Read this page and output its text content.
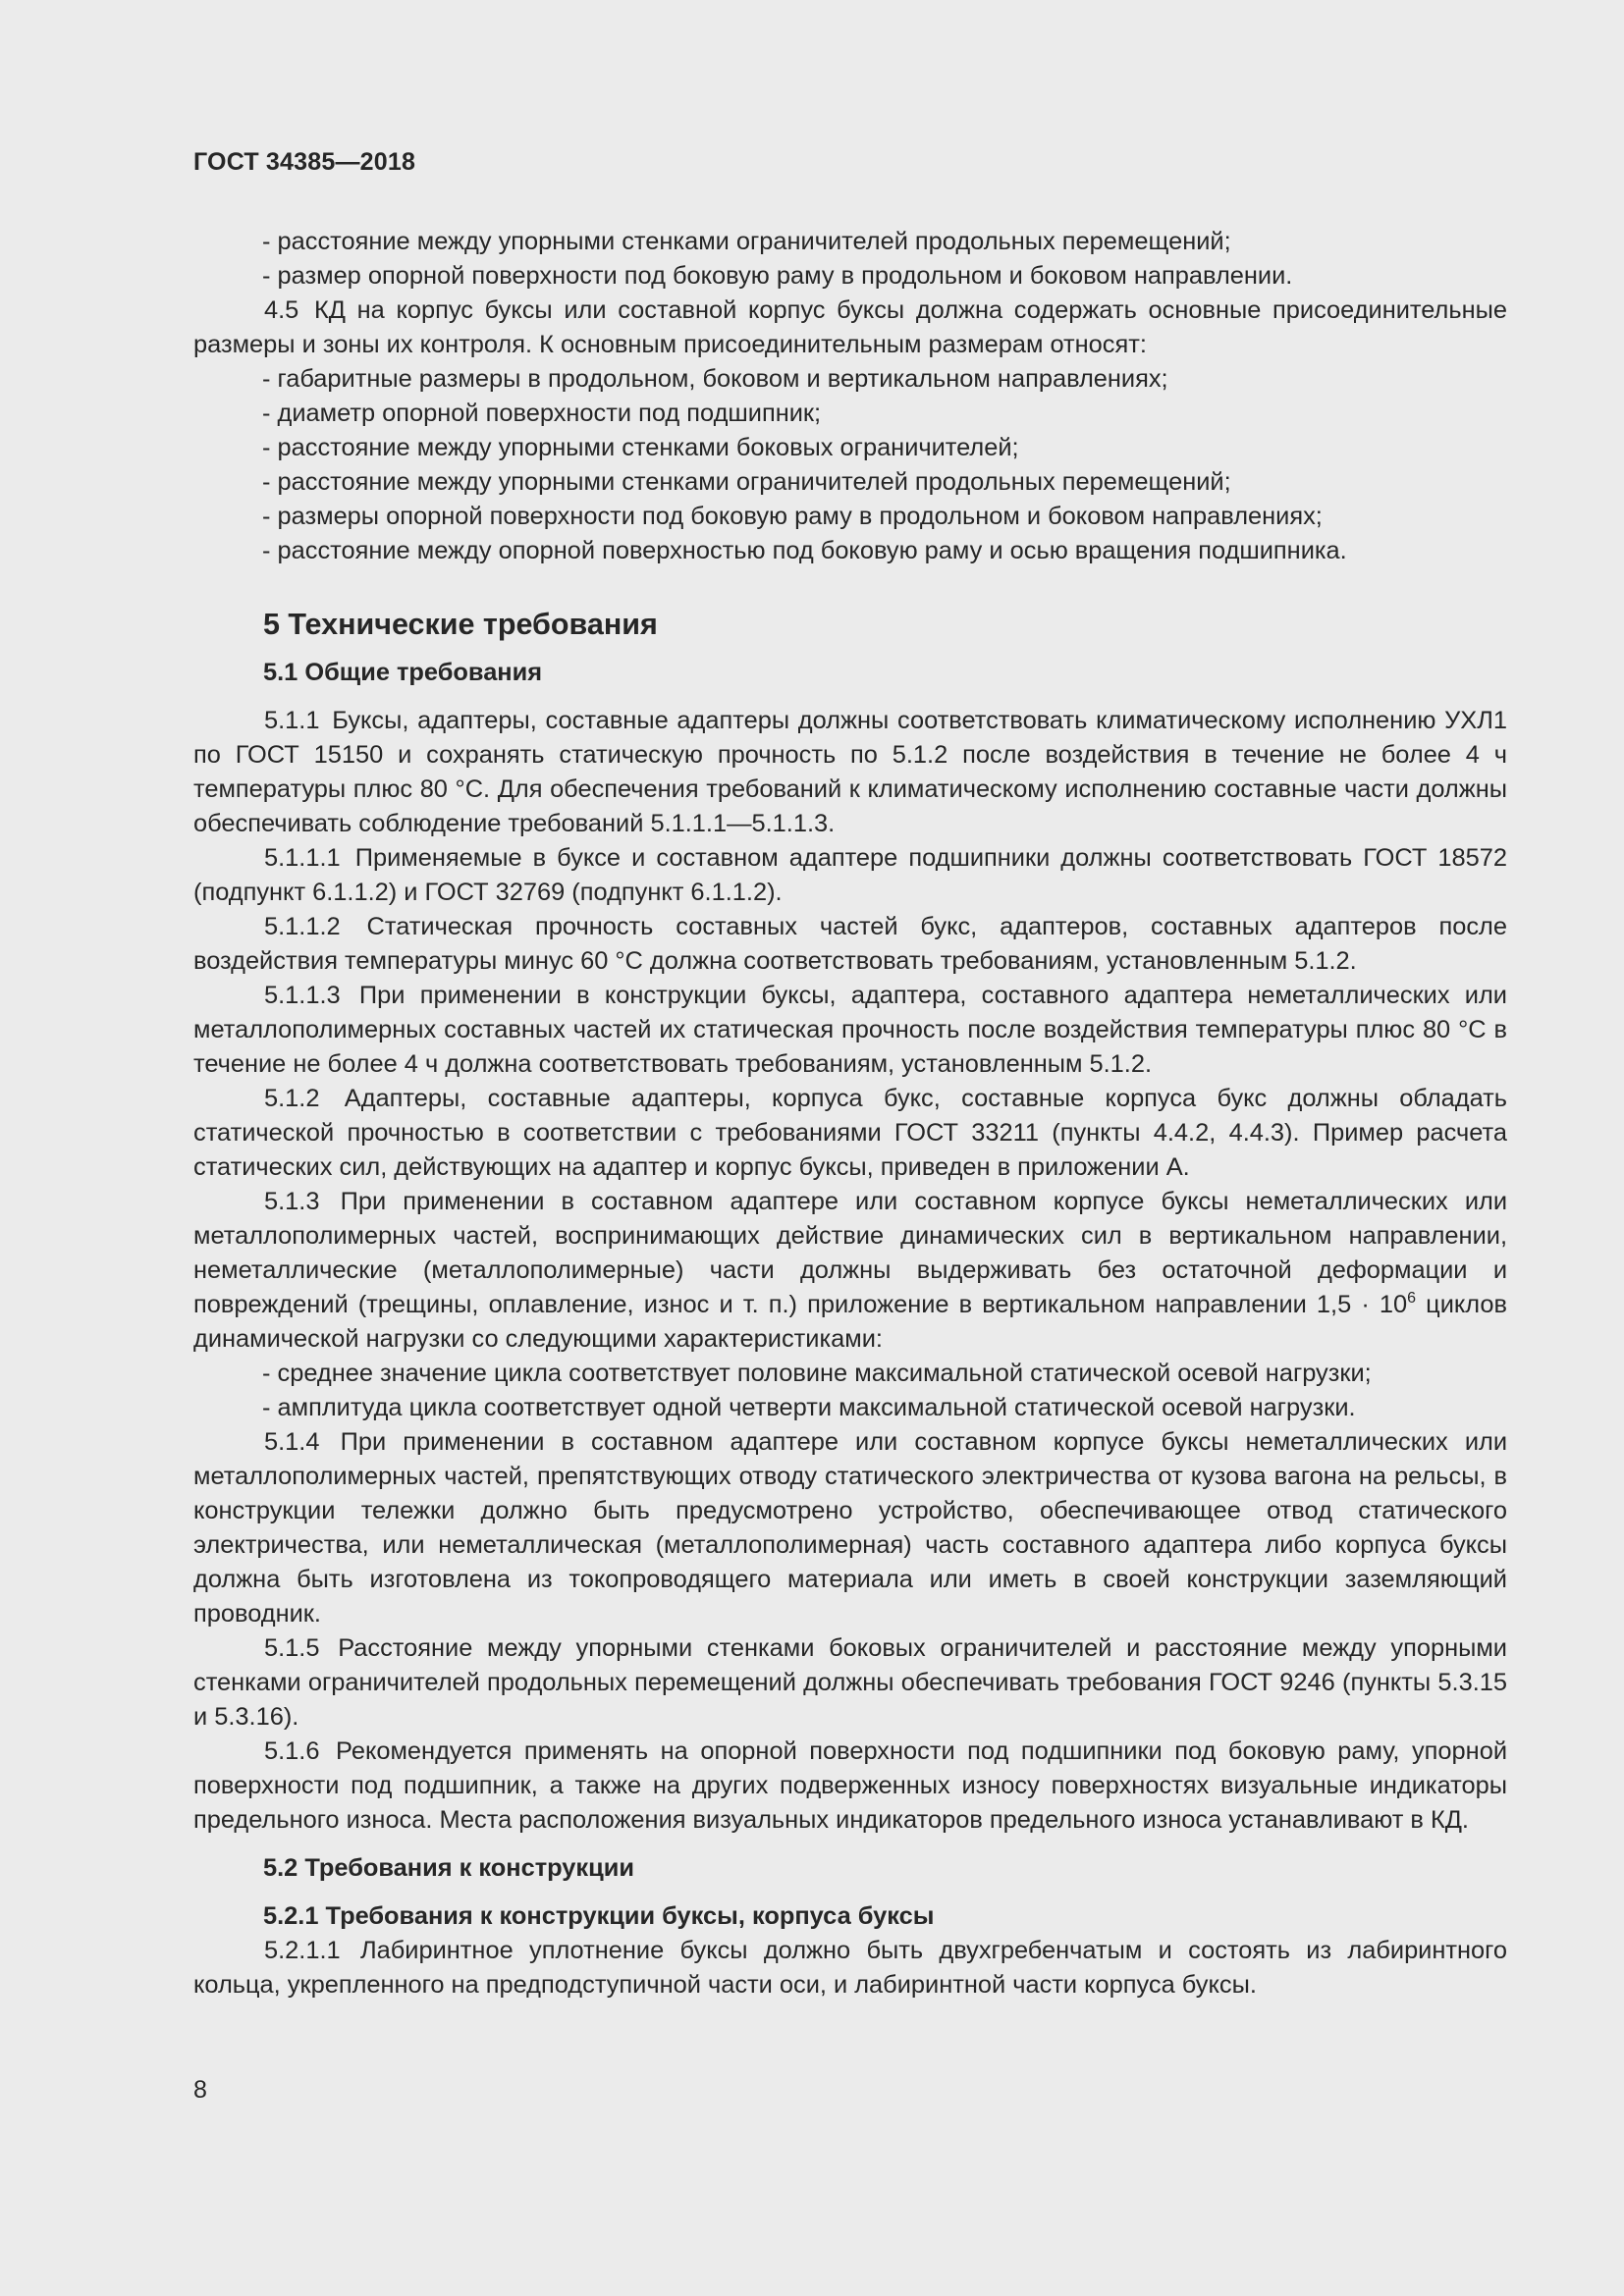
ГОСТ 34385—2018

- расстояние между упорными стенками ограничителей продольных перемещений;

- размер опорной поверхности под боковую раму в продольном и боковом направлении.

4.5 КД на корпус буксы или составной корпус буксы должна содержать основные присоединительные размеры и зоны их контроля. К основным присоединительным размерам относят:

- габаритные размеры в продольном, боковом и вертикальном направлениях;

- диаметр опорной поверхности под подшипник;

- расстояние между упорными стенками боковых ограничителей;

- расстояние между упорными стенками ограничителей продольных перемещений;

- размеры опорной поверхности под боковую раму в продольном и боковом направлениях;

- расстояние между опорной поверхностью под боковую раму и осью вращения подшипника.

5 Технические требования
5.1 Общие требования

5.1.1 Буксы, адаптеры, составные адаптеры должны соответствовать климатическому исполнению УХЛ1 по ГОСТ 15150 и сохранять статическую прочность по 5.1.2 после воздействия в течение не более 4 ч температуры плюс 80 °С. Для обеспечения требований к климатическому исполнению составные части должны обеспечивать соблюдение требований 5.1.1.1—5.1.1.3.

5.1.1.1 Применяемые в буксе и составном адаптере подшипники должны соответствовать ГОСТ 18572 (подпункт 6.1.1.2) и ГОСТ 32769 (подпункт 6.1.1.2).

5.1.1.2 Статическая прочность составных частей букс, адаптеров, составных адаптеров после воздействия температуры минус 60 °С должна соответствовать требованиям, установленным 5.1.2.

5.1.1.3 При применении в конструкции буксы, адаптера, составного адаптера неметаллических или металлополимерных составных частей их статическая прочность после воздействия температуры плюс 80 °С в течение не более 4 ч должна соответствовать требованиям, установленным 5.1.2.

5.1.2 Адаптеры, составные адаптеры, корпуса букс, составные корпуса букс должны обладать статической прочностью в соответствии с требованиями ГОСТ 33211 (пункты 4.4.2, 4.4.3). Пример расчета статических сил, действующих на адаптер и корпус буксы, приведен в приложении А.

5.1.3 При применении в составном адаптере или составном корпусе буксы неметаллических или металлополимерных частей, воспринимающих действие динамических сил в вертикальном направлении, неметаллические (металлополимерные) части должны выдерживать без остаточной деформации и повреждений (трещины, оплавление, износ и т. п.) приложение в вертикальном направлении $1,5 \cdot 10^6$ циклов динамической нагрузки со следующими характеристиками:

- среднее значение цикла соответствует половине максимальной статической осевой нагрузки;

- амплитуда цикла соответствует одной четверти максимальной статической осевой нагрузки.

5.1.4 При применении в составном адаптере или составном корпусе буксы неметаллических или металлополимерных частей, препятствующих отводу статического электричества от кузова вагона на рельсы, в конструкции тележки должно быть предусмотрено устройство, обеспечивающее отвод статического электричества, или неметаллическая (металлополимерная) часть составного адаптера либо корпуса буксы должна быть изготовлена из токопроводящего материала или иметь в своей конструкции заземляющий проводник.

5.1.5 Расстояние между упорными стенками боковых ограничителей и расстояние между упорными стенками ограничителей продольных перемещений должны обеспечивать требования ГОСТ 9246 (пункты 5.3.15 и 5.3.16).

5.1.6 Рекомендуется применять на опорной поверхности под подшипники под боковую раму, упорной поверхности под подшипник, а также на других подверженных износу поверхностях визуальные индикаторы предельного износа. Места расположения визуальных индикаторов предельного износа устанавливают в КД.

5.2 Требования к конструкции
5.2.1 Требования к конструкции буксы, корпуса буксы

5.2.1.1 Лабиринтное уплотнение буксы должно быть двухгребенчатым и состоять из лабиринтного кольца, укрепленного на предподступичной части оси, и лабиринтной части корпуса буксы.

8
